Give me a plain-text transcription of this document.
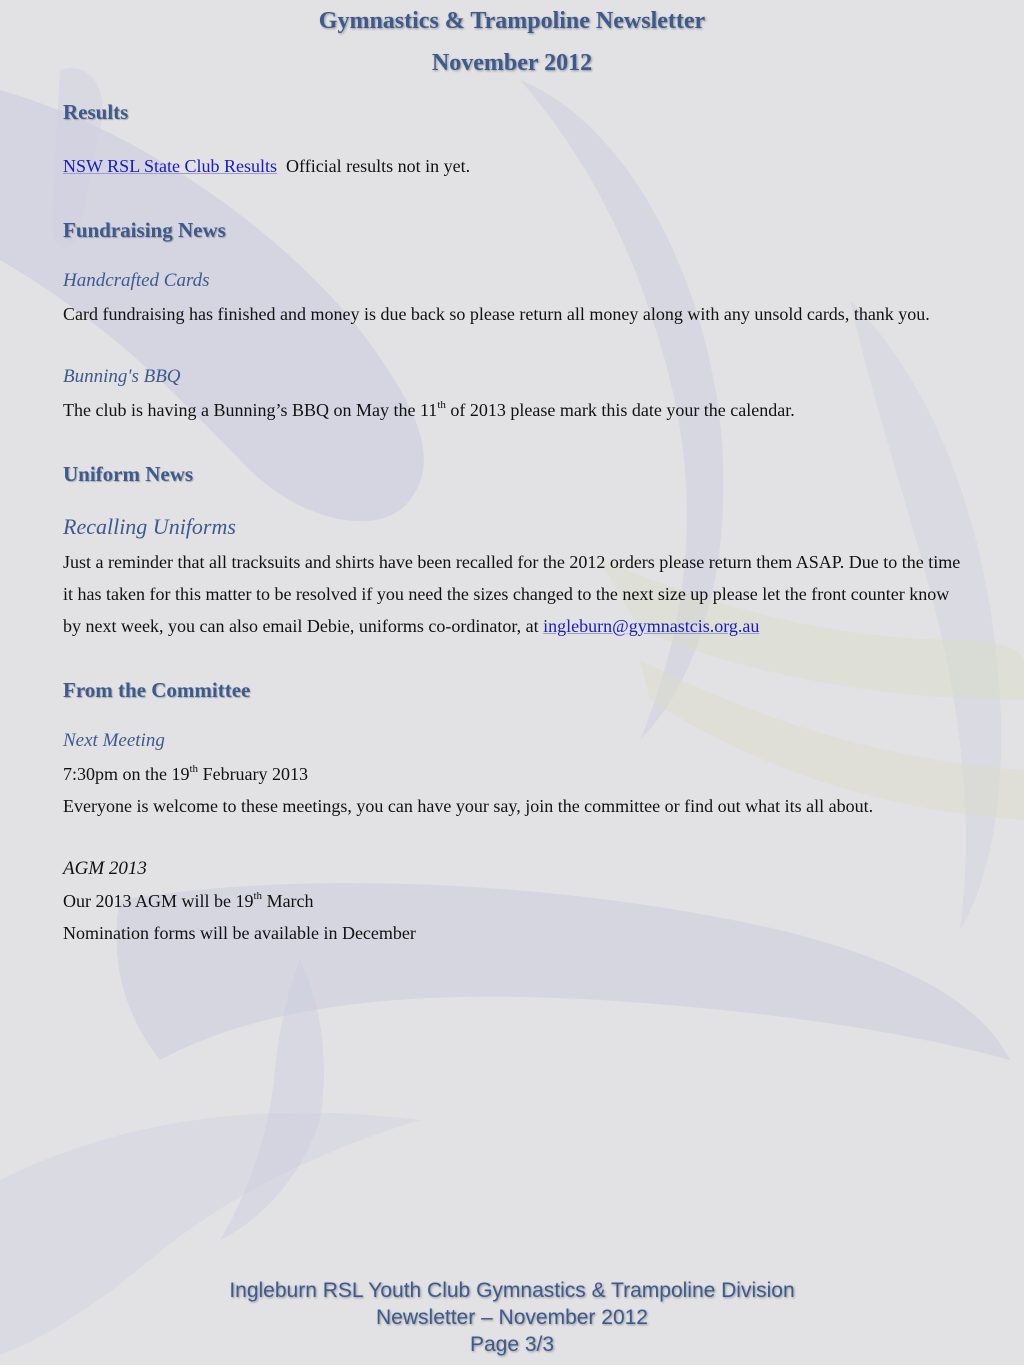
Gymnastics & Trampoline Newsletter
November 2012
Results

NSW RSL State Club Results Official results not in yet.

Fundraising News

Handcrafted Cards

Card fundraising has finished and money is due back so please return all money along with any unsold cards, thank you.

Bunning's BBQ

The club is having a Bunning’s BBQ on May the 11th of 2013 please mark this date your the calendar.

Uniform News

Recalling Uniforms

Just a reminder that all tracksuits and shirts have been recalled for the 2012 orders please return them ASAP. Due to the time it has taken for this matter to be resolved if you need the sizes changed to the next size up please let the front counter know by next week, you can also email Debie, uniforms co-ordinator, at ingleburn@gymnastcis.org.au

From the Committee

Next Meeting

7:30pm on the 19th February 2013

Everyone is welcome to these meetings, you can have your say, join the committee or find out what its all about.

AGM 2013

Our 2013 AGM will be 19th March

Nomination forms will be available in December

Ingleburn RSL Youth Club Gymnastics & Trampoline Division

Newsletter – November 2012

Page 3/3
